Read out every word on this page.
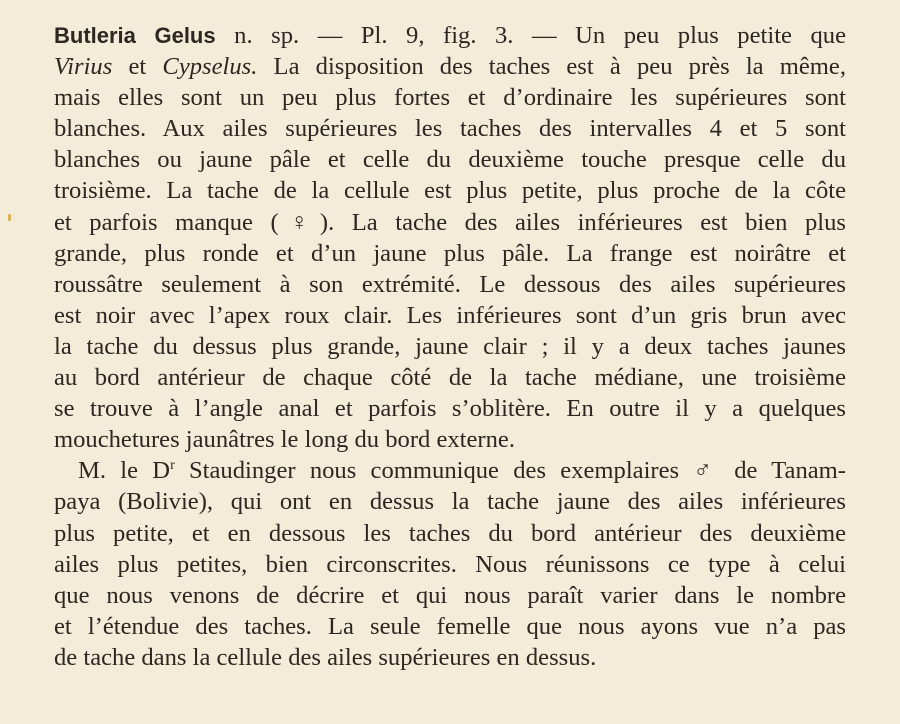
Butleria Gelus n. sp. — Pl. 9, fig. 3. — Un peu plus petite que
Virius et Cypselus. La disposition des taches est à peu près la même,
mais elles sont un peu plus fortes et d’ordinaire les supérieures sont
blanches. Aux ailes supérieures les taches des intervalles 4 et 5 sont
blanches ou jaune pâle et celle du deuxième touche presque celle du
troisième. La tache de la cellule est plus petite, plus proche de la côte
et parfois manque (♀). La tache des ailes inférieures est bien plus
grande, plus ronde et d’un jaune plus pâle. La frange est noirâtre et
roussâtre seulement à son extrémité. Le dessous des ailes supérieures
est noir avec l’apex roux clair. Les inférieures sont d’un gris brun avec
la tache du dessus plus grande, jaune clair ; il y a deux taches jaunes
au bord antérieur de chaque côté de la tache médiane, une troisième
se trouve à l’angle anal et parfois s’oblitère. En outre il y a quelques
mouchetures jaunâtres le long du bord externe.
M. le $D^r$ Staudinger nous communique des exemplaires ♂ de Tanam-
paya (Bolivie), qui ont en dessus la tache jaune des ailes inférieures
plus petite, et en dessous les taches du bord antérieur des deuxième
ailes plus petites, bien circonscrites. Nous réunissons ce type à celui
que nous venons de décrire et qui nous paraît varier dans le nombre
et l’étendue des taches. La seule femelle que nous ayons vue n’a pas
de tache dans la cellule des ailes supérieures en dessus.
